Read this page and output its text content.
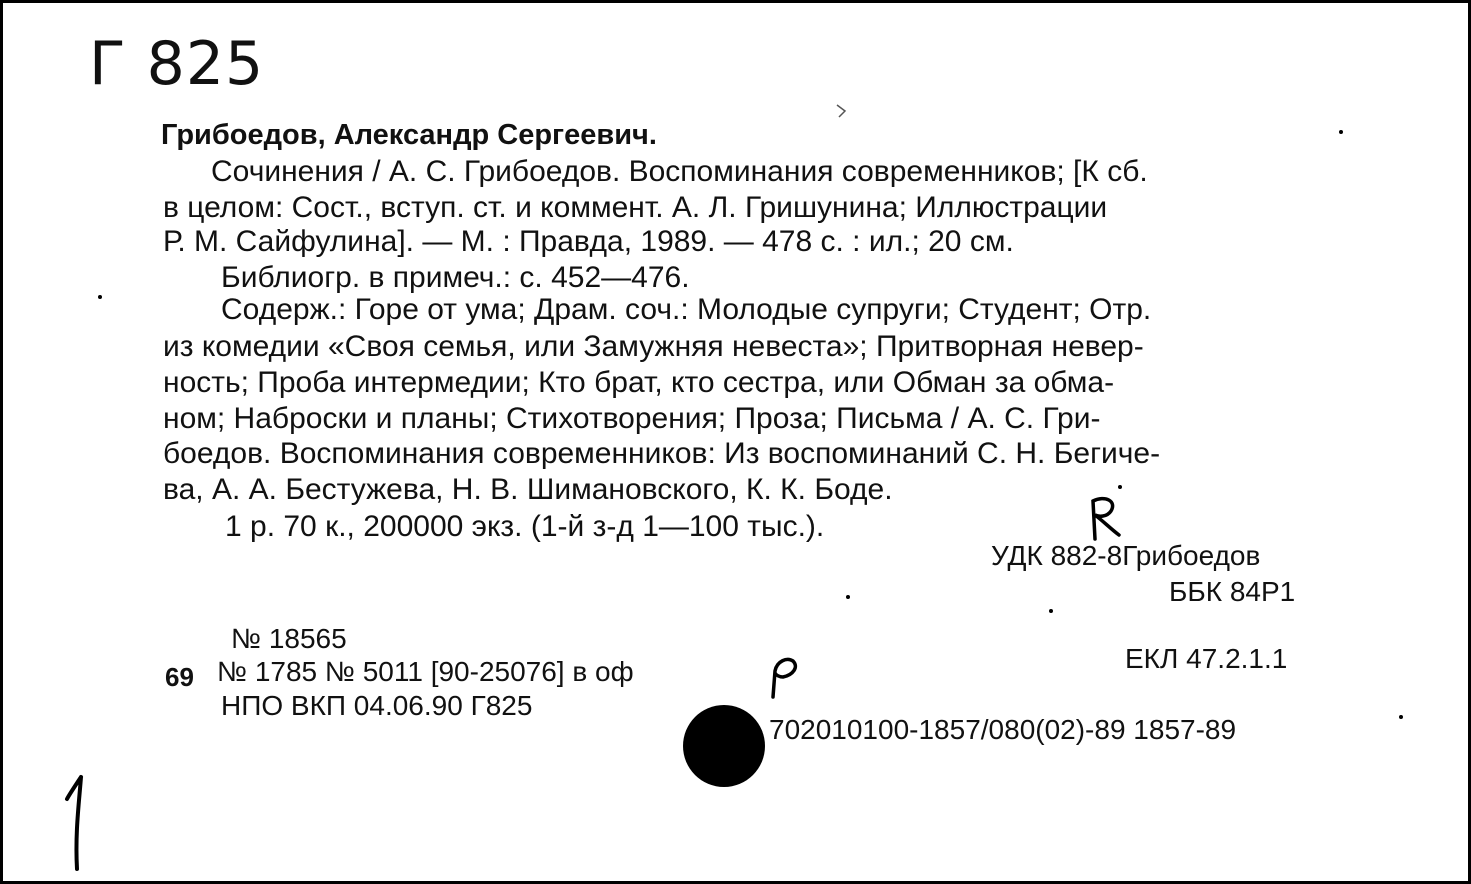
Г 825
Грибоедов, Александр Сергеевич.
Сочинения / А. С. Грибоедов. Воспоминания современников; [К сб.
в целом: Сост., вступ. ст. и коммент. А. Л. Гришунина; Иллюстрации
Р. М. Сайфулина]. — М. : Правда, 1989. — 478 с. : ил.; 20 см.
Библиогр. в примеч.: с. 452—476.
Содерж.: Горе от ума; Драм. соч.: Молодые супруги; Студент; Отр.
из комедии «Своя семья, или Замужняя невеста»; Притворная невер-
ность; Проба интермедии; Кто брат, кто сестра, или Обман за обма-
ном; Наброски и планы; Стихотворения; Проза; Письма / А. С. Гри-
боедов. Воспоминания современников: Из воспоминаний С. Н. Бегиче-
ва, А. А. Бестужева, Н. В. Шимановского, К. К. Боде.
1 р. 70 к., 200000 экз. (1-й з-д 1—100 тыс.).
УДК 882-8Грибоедов
ББК 84Р1
№ 18565
69 № 1785 № 5011 [90-25076] в оф	ЕКЛ 47.2.1.1
НПО ВКП 04.06.90 Г825
702010100-1857/080(02)-89 1857-89
